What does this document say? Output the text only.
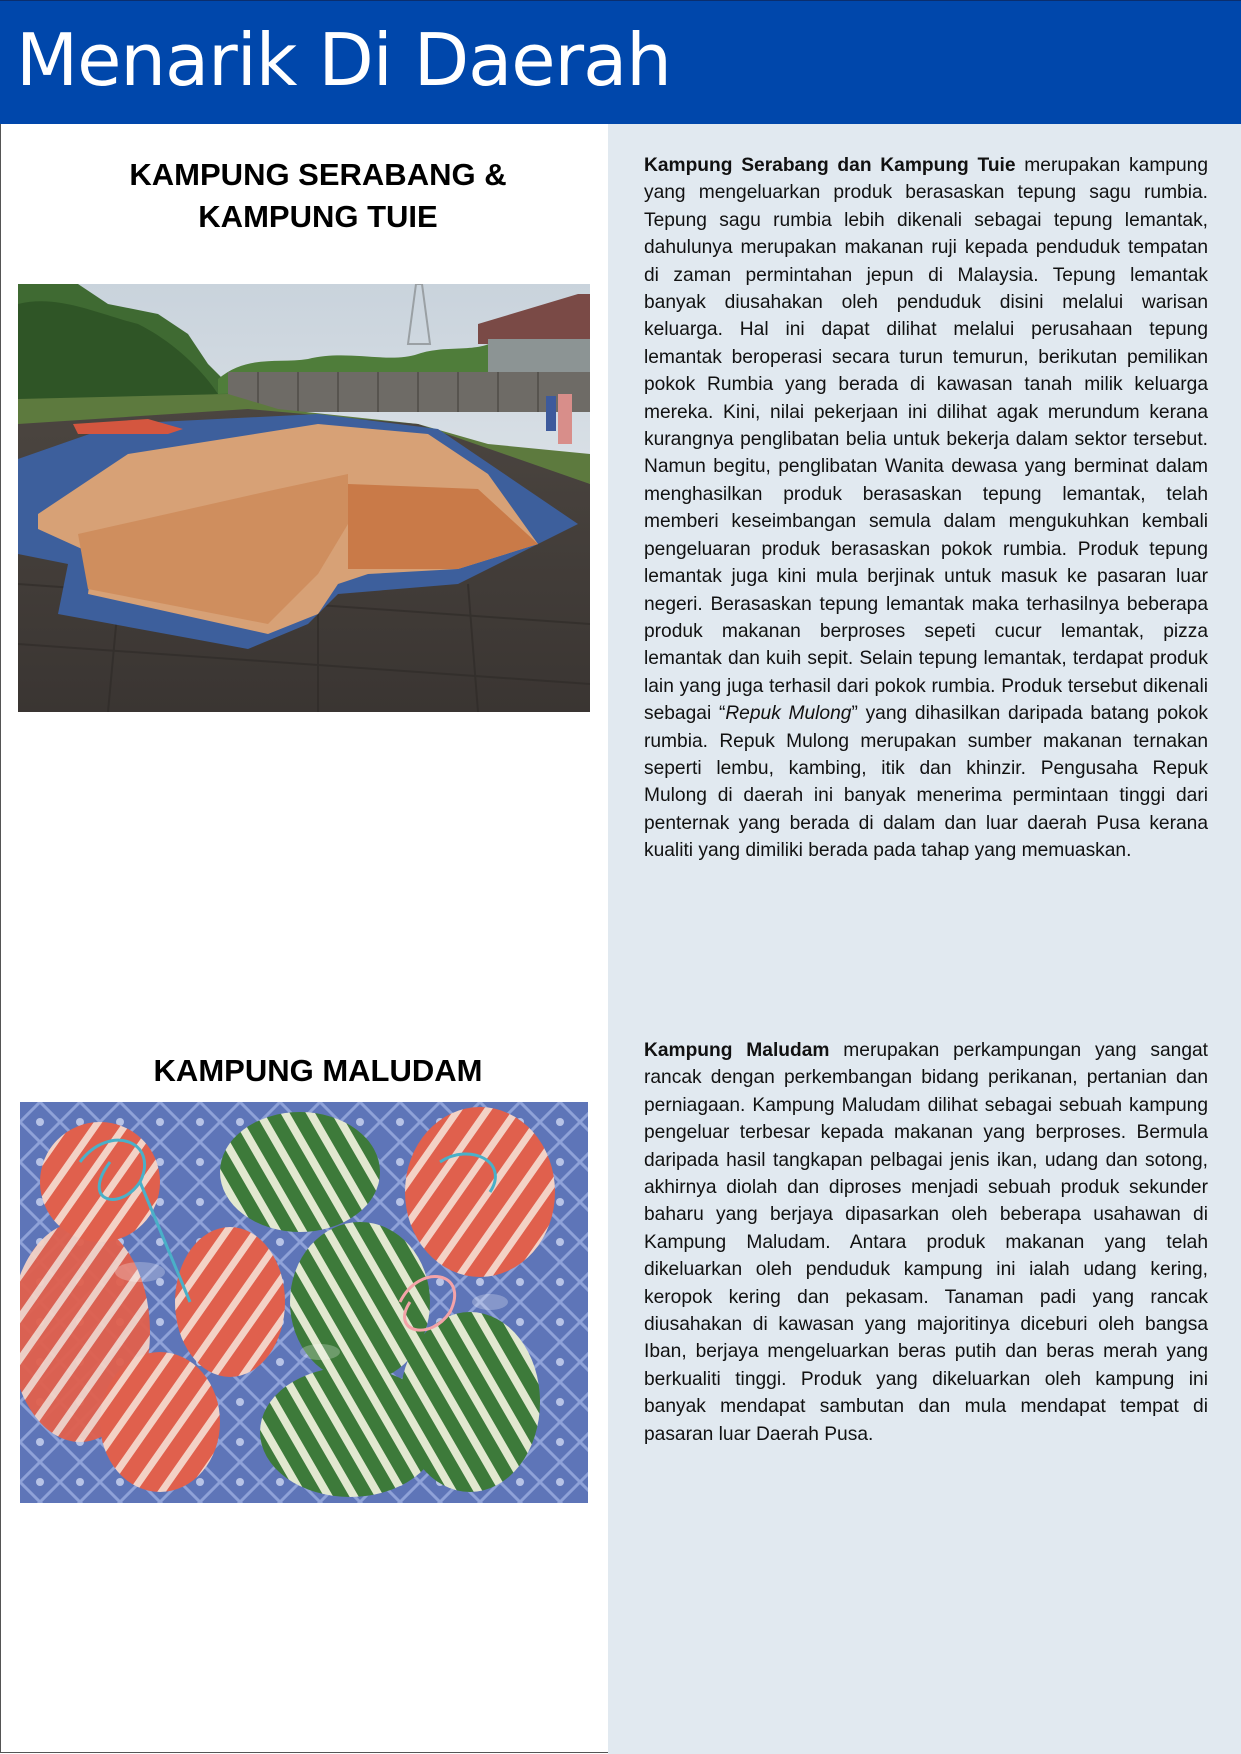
Menarik Di Daerah
KAMPUNG SERABANG &
KAMPUNG TUIE

Kampung Serabang dan Kampung Tuie merupakan kampung yang mengeluarkan produk berasaskan tepung sagu rumbia. Tepung sagu rumbia lebih dikenali sebagai tepung lemantak, dahulunya merupakan makanan ruji kepada penduduk tempatan di zaman permintahan jepun di Malaysia. Tepung lemantak banyak diusahakan oleh penduduk disini melalui warisan keluarga. Hal ini dapat dilihat melalui perusahaan tepung lemantak beroperasi secara turun temurun, berikutan pemilikan pokok Rumbia yang berada di kawasan tanah milik keluarga mereka. Kini, nilai pekerjaan ini dilihat agak merundum kerana kurangnya penglibatan belia untuk bekerja dalam sektor tersebut. Namun begitu, penglibatan Wanita dewasa yang berminat dalam menghasilkan produk berasaskan tepung lemantak, telah memberi keseimbangan semula dalam mengukuhkan kembali pengeluaran produk berasaskan pokok rumbia. Produk tepung lemantak juga kini mula berjinak untuk masuk ke pasaran luar negeri. Berasaskan tepung lemantak maka terhasilnya beberapa produk makanan berproses sepeti cucur lemantak, pizza lemantak dan kuih sepit. Selain tepung lemantak, terdapat produk lain yang juga terhasil dari pokok rumbia. Produk tersebut dikenali sebagai “Repuk Mulong” yang dihasilkan daripada batang pokok rumbia. Repuk Mulong merupakan sumber makanan ternakan seperti lembu, kambing, itik dan khinzir. Pengusaha Repuk Mulong di daerah ini banyak menerima permintaan tinggi dari penternak yang berada di dalam dan luar daerah Pusa kerana kualiti yang dimiliki berada pada tahap yang memuaskan.

KAMPUNG MALUDAM

Kampung Maludam merupakan perkampungan yang sangat rancak dengan perkembangan bidang perikanan, pertanian dan perniagaan. Kampung Maludam dilihat sebagai sebuah kampung pengeluar terbesar kepada makanan yang berproses. Bermula daripada hasil tangkapan pelbagai jenis ikan, udang dan sotong, akhirnya diolah dan diproses menjadi sebuah produk sekunder baharu yang berjaya dipasarkan oleh beberapa usahawan di Kampung Maludam. Antara produk makanan yang telah dikeluarkan oleh penduduk kampung ini ialah udang kering, keropok kering dan pekasam. Tanaman padi yang rancak diusahakan di kawasan yang majoritinya diceburi oleh bangsa Iban, berjaya mengeluarkan beras putih dan beras merah yang berkualiti tinggi. Produk yang dikeluarkan oleh kampung ini banyak mendapat sambutan dan mula mendapat tempat di pasaran luar Daerah Pusa.
